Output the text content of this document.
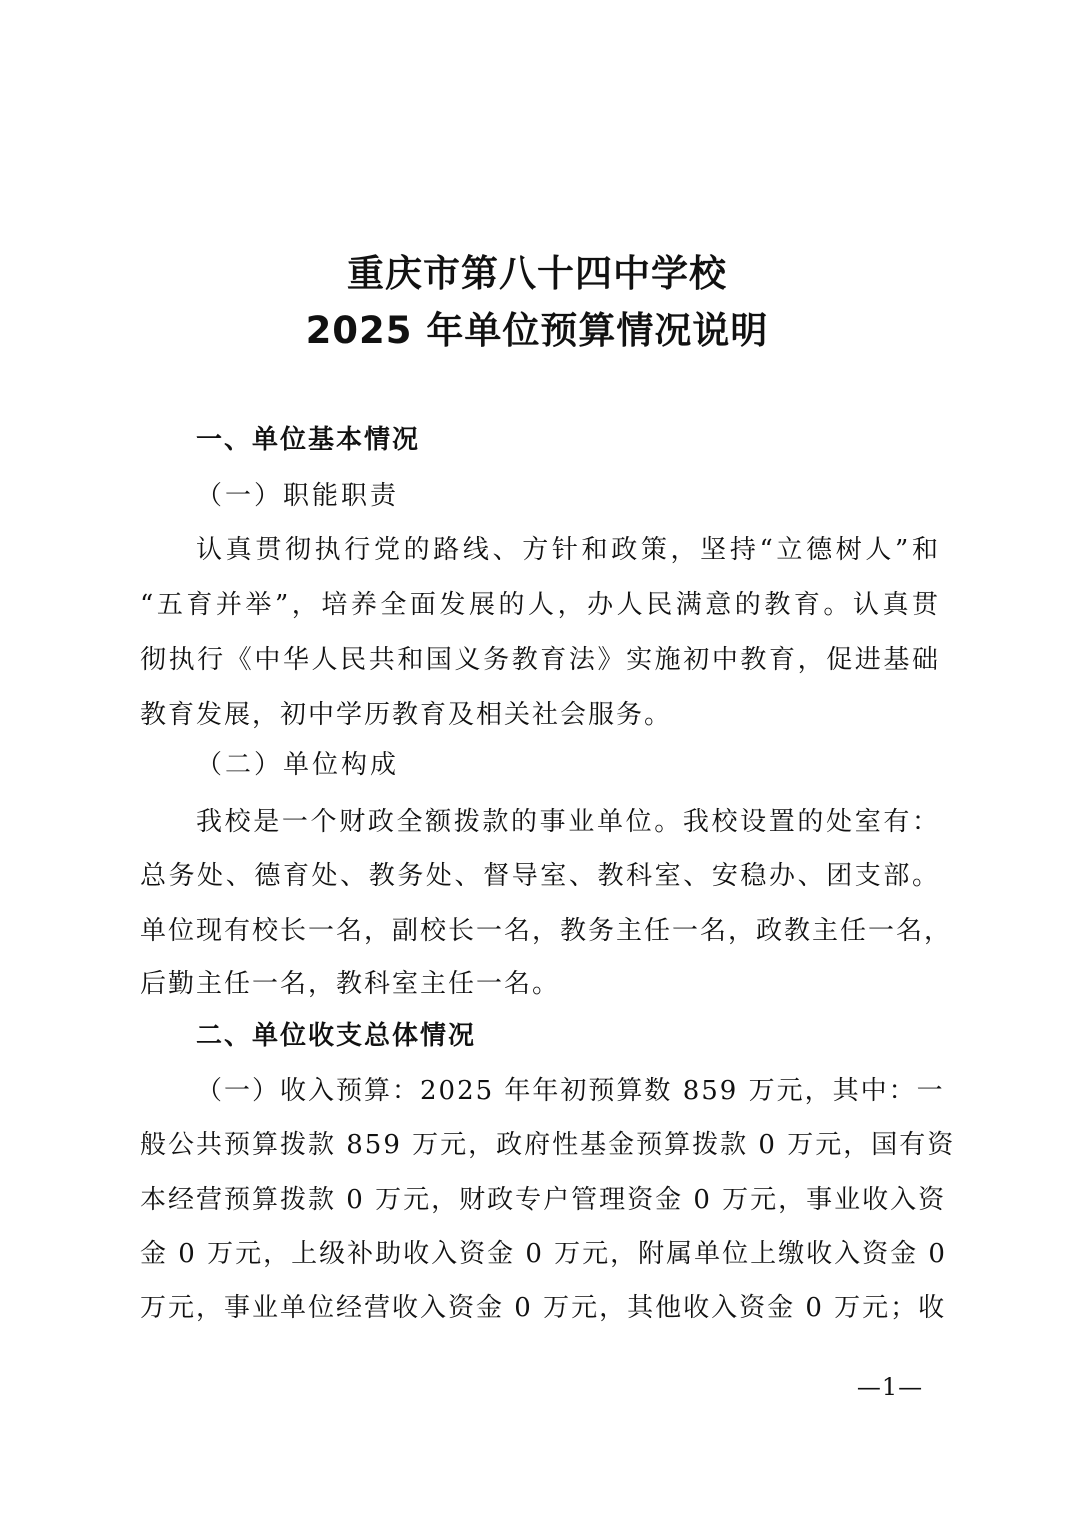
重庆市第八十四中学校
2025 年单位预算情况说明
一、单位基本情况
（一）职能职责
认真贯彻执行党的路线、方针和政策，坚持“立德树人”和
“五育并举”，培养全面发展的人，办人民满意的教育。认真贯
彻执行《中华人民共和国义务教育法》实施初中教育，促进基础
教育发展，初中学历教育及相关社会服务。
（二）单位构成
我校是一个财政全额拨款的事业单位。我校设置的处室有：
总务处、德育处、教务处、督导室、教科室、安稳办、团支部。
单位现有校长一名，副校长一名，教务主任一名，政教主任一名，
后勤主任一名，教科室主任一名。
二、单位收支总体情况
（一）收入预算：2025 年年初预算数 859 万元，其中：一
般公共预算拨款 859 万元，政府性基金预算拨款 0 万元，国有资
本经营预算拨款 0 万元，财政专户管理资金 0 万元，事业收入资
金 0 万元，上级补助收入资金 0 万元，附属单位上缴收入资金 0
万元，事业单位经营收入资金 0 万元，其他收入资金 0 万元；收
—1—
